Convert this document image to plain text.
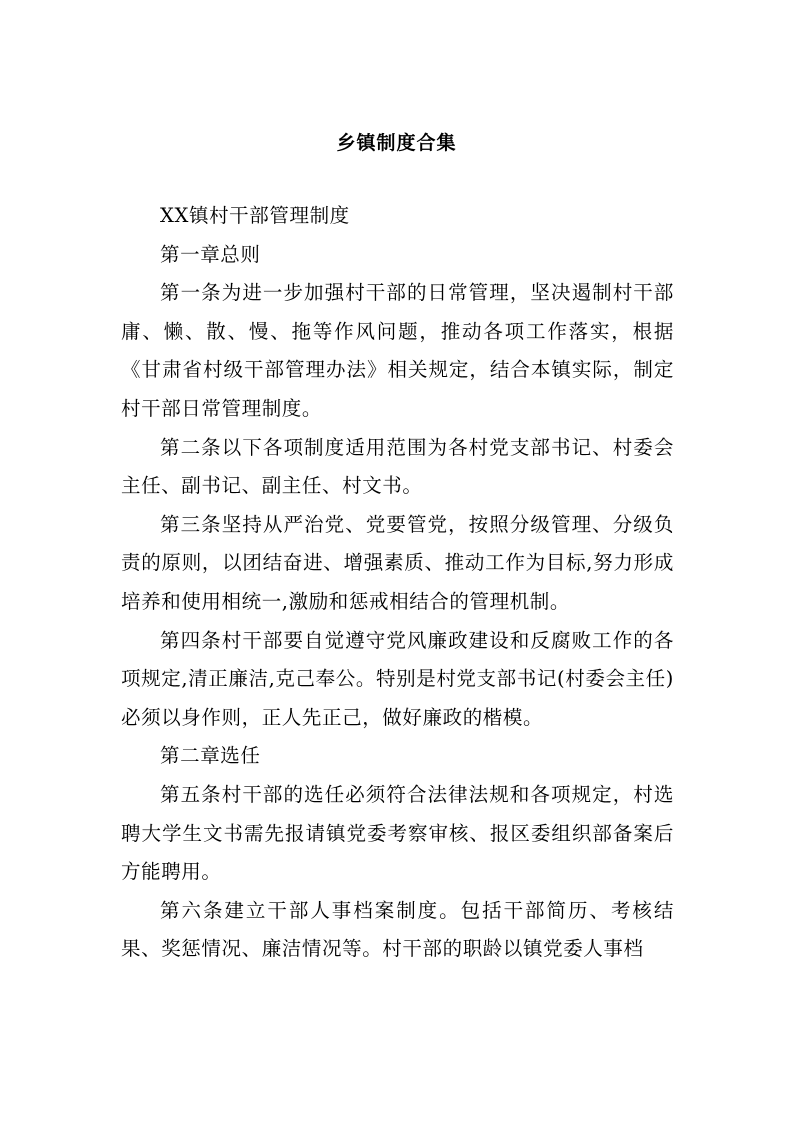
乡镇制度合集

XX镇村干部管理制度

第一章总则

第一条为进一步加强村干部的日常管理，坚决遏制村干部庸、懒、散、慢、拖等作风问题，推动各项工作落实，根据《甘肃省村级干部管理办法》相关规定，结合本镇实际，制定村干部日常管理制度。

第二条以下各项制度适用范围为各村党支部书记、村委会主任、副书记、副主任、村文书。

第三条坚持从严治党、党要管党，按照分级管理、分级负责的原则，以团结奋进、增强素质、推动工作为目标,努力形成培养和使用相统一,激励和惩戒相结合的管理机制。

第四条村干部要自觉遵守党风廉政建设和反腐败工作的各项规定,清正廉洁,克己奉公。特别是村党支部书记(村委会主任)必须以身作则，正人先正己，做好廉政的楷模。

第二章选任

第五条村干部的选任必须符合法律法规和各项规定，村选聘大学生文书需先报请镇党委考察审核、报区委组织部备案后方能聘用。

第六条建立干部人事档案制度。包括干部简历、考核结果、奖惩情况、廉洁情况等。村干部的职龄以镇党委人事档
